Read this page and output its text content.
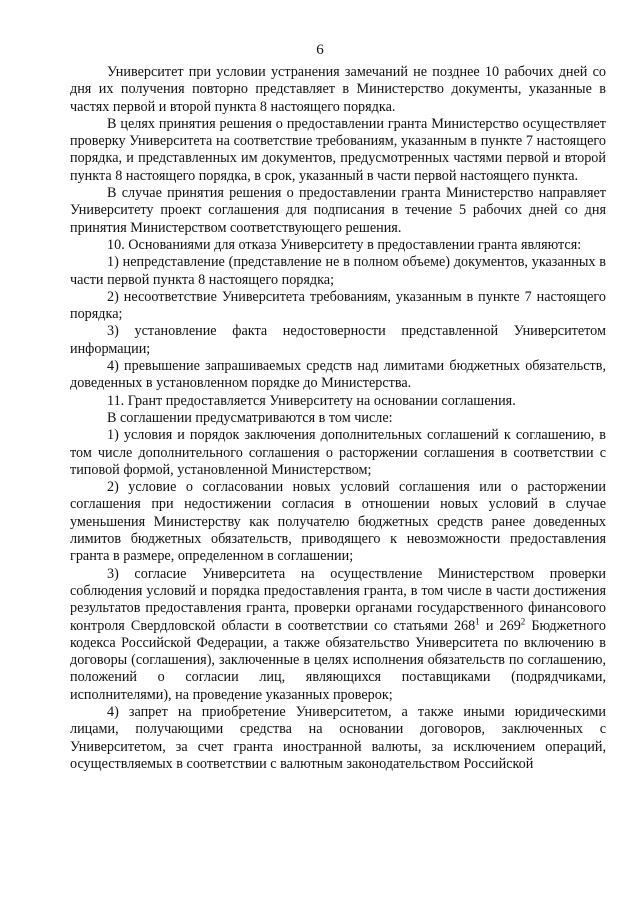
6

Университет при условии устранения замечаний не позднее 10 рабочих дней со дня их получения повторно представляет в Министерство документы, указанные в частях первой и второй пункта 8 настоящего порядка.

В целях принятия решения о предоставлении гранта Министерство осуществляет проверку Университета на соответствие требованиям, указанным в пункте 7 настоящего порядка, и представленных им документов, предусмотренных частями первой и второй пункта 8 настоящего порядка, в срок, указанный в части первой настоящего пункта.

В случае принятия решения о предоставлении гранта Министерство направляет Университету проект соглашения для подписания в течение 5 рабочих дней со дня принятия Министерством соответствующего решения.

10. Основаниями для отказа Университету в предоставлении гранта являются:

1) непредставление (представление не в полном объеме) документов, указанных в части первой пункта 8 настоящего порядка;

2) несоответствие Университета требованиям, указанным в пункте 7 настоящего порядка;

3) установление факта недостоверности представленной Университетом информации;

4) превышение запрашиваемых средств над лимитами бюджетных обязательств, доведенных в установленном порядке до Министерства.

11. Грант предоставляется Университету на основании соглашения.

В соглашении предусматриваются в том числе:

1) условия и порядок заключения дополнительных соглашений к соглашению, в том числе дополнительного соглашения о расторжении соглашения в соответствии с типовой формой, установленной Министерством;

2) условие о согласовании новых условий соглашения или о расторжении соглашения при недостижении согласия в отношении новых условий в случае уменьшения Министерству как получателю бюджетных средств ранее доведенных лимитов бюджетных обязательств, приводящего к невозможности предоставления гранта в размере, определенном в соглашении;

3) согласие Университета на осуществление Министерством проверки соблюдения условий и порядка предоставления гранта, в том числе в части достижения результатов предоставления гранта, проверки органами государственного финансового контроля Свердловской области в соответствии со статьями $268^1$ и $269^2$ Бюджетного кодекса Российской Федерации, а также обязательство Университета по включению в договоры (соглашения), заключенные в целях исполнения обязательств по соглашению, положений о согласии лиц, являющихся поставщиками (подрядчиками, исполнителями), на проведение указанных проверок;

4) запрет на приобретение Университетом, а также иными юридическими лицами, получающими средства на основании договоров, заключенных с Университетом, за счет гранта иностранной валюты, за исключением операций, осуществляемых в соответствии с валютным законодательством Российской
